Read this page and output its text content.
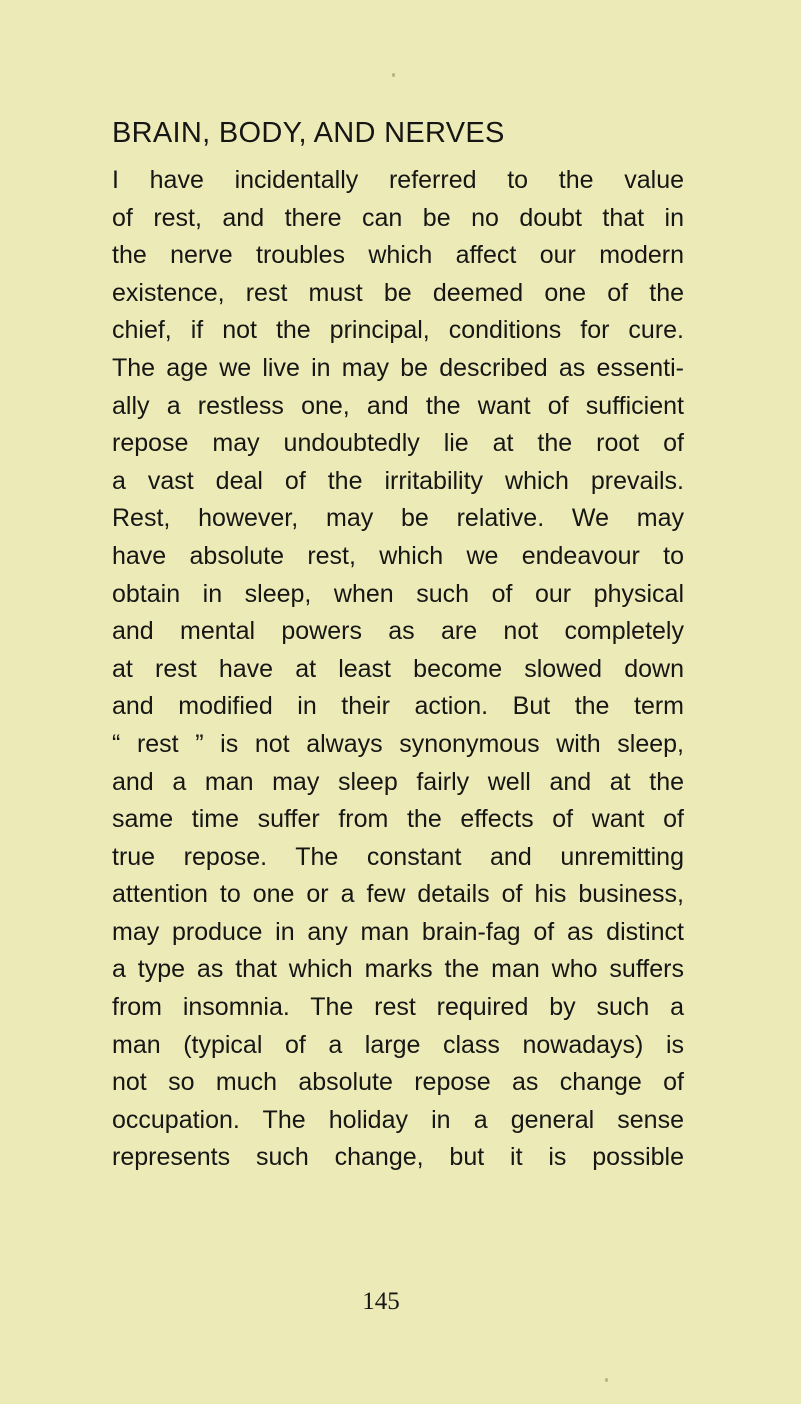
BRAIN, BODY, AND NERVES
I have incidentally referred to the value
of rest, and there can be no doubt that in
the nerve troubles which affect our modern
existence, rest must be deemed one of the
chief, if not the principal, conditions for cure.
The age we live in may be described as essenti-
ally a restless one, and the want of sufficient
repose may undoubtedly lie at the root of
a vast deal of the irritability which prevails.
Rest, however, may be relative. We may
have absolute rest, which we endeavour to
obtain in sleep, when such of our physical
and mental powers as are not completely
at rest have at least become slowed down
and modified in their action. But the term
“ rest ” is not always synonymous with sleep,
and a man may sleep fairly well and at the
same time suffer from the effects of want of
true repose. The constant and unremitting
attention to one or a few details of his business,
may produce in any man brain-fag of as distinct
a type as that which marks the man who suffers
from insomnia. The rest required by such a
man (typical of a large class nowadays) is
not so much absolute repose as change of
occupation. The holiday in a general sense
represents such change, but it is possible
145
